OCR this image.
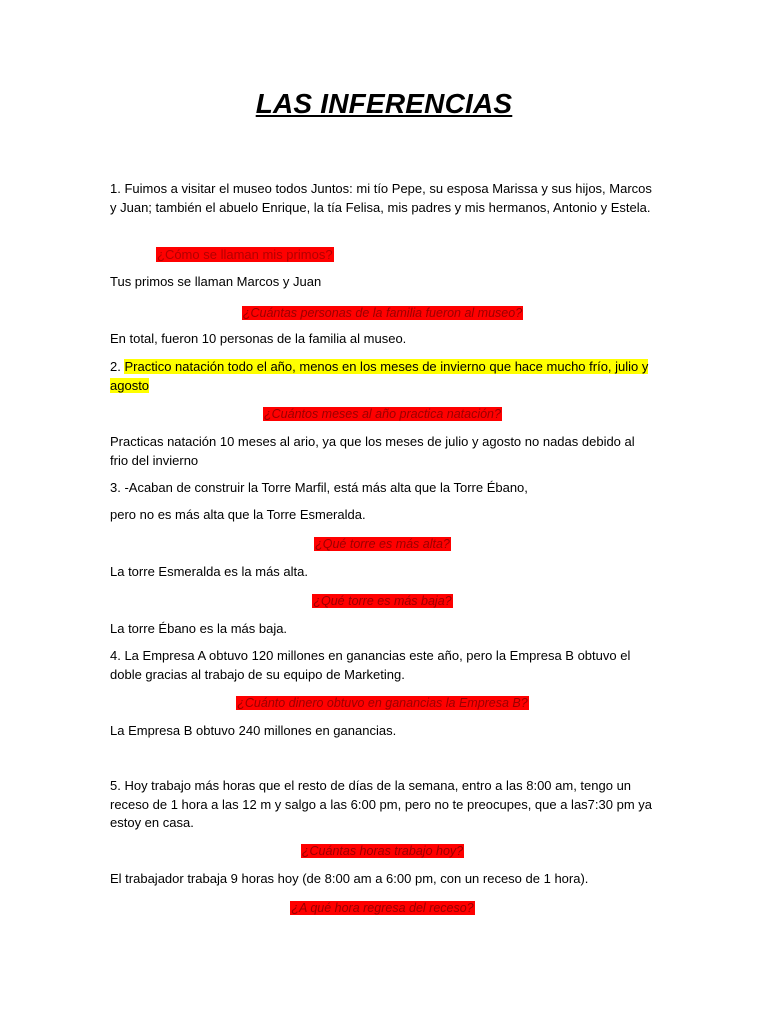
LAS INFERENCIAS
1. Fuimos a visitar el museo todos Juntos: mi tío Pepe, su esposa Marissa y sus hijos, Marcos y Juan; también el abuelo Enrique, la tía Felisa, mis padres y mis hermanos, Antonio y Estela.
¿Cómo se llaman mis primos?
Tus primos se llaman Marcos y Juan
¿Cuántas personas de la familia fueron al museo?
En total, fueron 10 personas de la familia al museo.
2. Practico natación todo el año, menos en los meses de invierno que hace mucho frío, julio y agosto
¿Cuántos meses al año practica natación?
Practicas natación 10 meses al ario, ya que los meses de julio y agosto no nadas debido al frio del invierno
3. -Acaban de construir la Torre Marfil, está más alta que la Torre Ébano,
pero no es más alta que la Torre Esmeralda.
¿Qué torre es más alta?
La torre Esmeralda es la más alta.
¿Qué torre es más baja?
La torre Ébano es la más baja.
4. La Empresa A obtuvo 120 millones en ganancias este año, pero la Empresa B obtuvo el doble gracias al trabajo de su equipo de Marketing.
¿Cuánto dinero obtuvo en ganancias la Empresa B?
La Empresa B obtuvo 240 millones en ganancias.
5. Hoy trabajo más horas que el resto de días de la semana, entro a las 8:00 am, tengo un receso de 1 hora a las 12 m y salgo a las 6:00 pm, pero no te preocupes, que a las7:30 pm ya estoy en casa.
¿Cuántas horas trabajo hoy?
El trabajador trabaja 9 horas hoy (de 8:00 am a 6:00 pm, con un receso de 1 hora).
¿A qué hora regresa del receso?
